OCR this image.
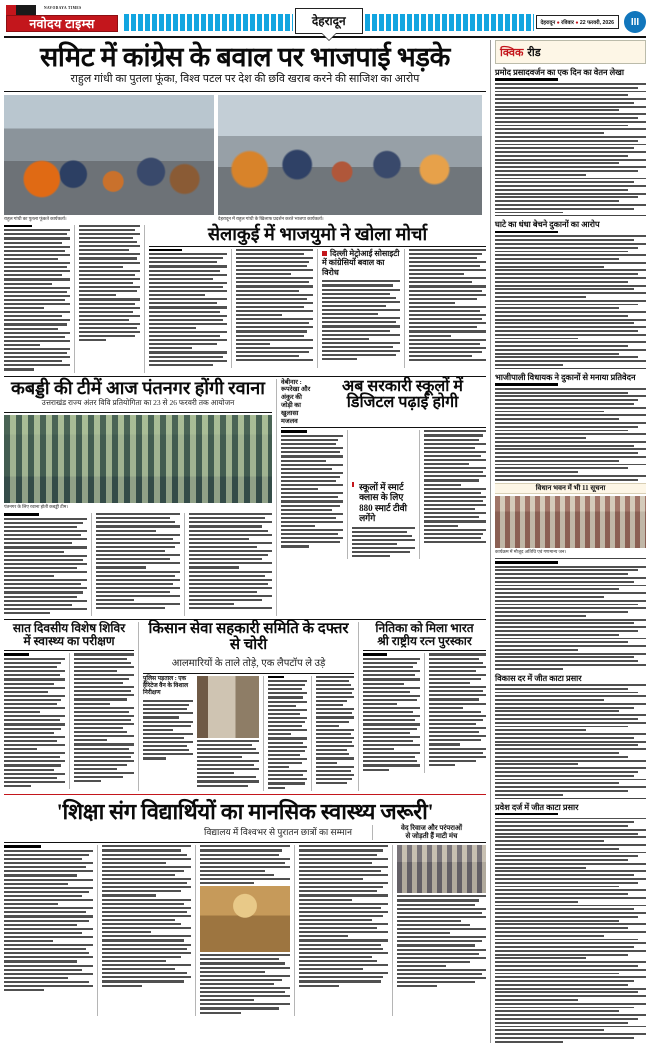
NAVODAYA TIMES
नवोदय टाइम्स	देहरादून	देहरादून ● रविवार ● 22 फरवरी, 2026	III
समिट में कांग्रेस के बवाल पर भाजपाई भड़के
राहुल गांधी का पुतला फूंका, विश्व पटल पर देश की छवि खराब करने की साजिश का आरोप
राहुल गांधी का पुतला फूंकते कार्यकर्ता।	देहरादून में राहुल गांधी के खिलाफ प्रदर्शन करते भाजपा कार्यकर्ता।
सेलाकुई में भाजयुमो ने खोला मोर्चा
दिल्ली मेट्रोआई सोसाइटी में कांग्रेसियों बवाल का विरोध
कबड्डी की टीमें आज पंतनगर होंगी रवाना
उत्तराखंड राज्य अंतर विवि प्रतियोगिता का 23 से 26 फरवरी तक आयोजन
पंतनगर के लिए रवाना होती कबड्डी टीम।
वेबीनार : रूपरेखा और अंकुर की जोड़ी का खुलासा मजलव
अब सरकारी स्कूलों में
डिजिटल पढ़ाई होगी
स्कूलों में स्मार्ट क्लास के लिए 880 स्मार्ट टीवी लगेंगे
सात दिवसीय विशेष शिविर
में स्वास्थ्य का परीक्षण
किसान सेवा सहकारी समिति के दफ्तर से चोरी
आलमारियों के ताले तोड़े, एक लैपटॉप ले उड़े
पुलिस पड़ताल : एक हैरिटेज वैन के विशाल निरीक्षण
नितिका को मिला भारत
श्री राष्ट्रीय रत्न पुरस्कार
'शिक्षा संग विद्यार्थियों का मानसिक स्वास्थ्य जरूरी'
विद्यालय में विश्वभर से पुरातन छात्रों का सम्मान	वेद रिवाज और परंपराओं
से जोड़ती हैं माटी मंच
क्विक रीड
प्रमोद प्रसादवर्जन का एक दिन का वेतन लेखा
घाटे का धंधा बेचने दुकानों का आरोप
भाजीपाली विधायक ने दुकानों से मनाया प्रतिवेदन
विधान भवन में भी 11 सूचना
कार्यक्रम में मौजूद अतिथि एवं गणमान्य जन।
विकास दर में जीत काटा प्रसार
प्रवेश दर्ज में जीत काटा प्रसार
